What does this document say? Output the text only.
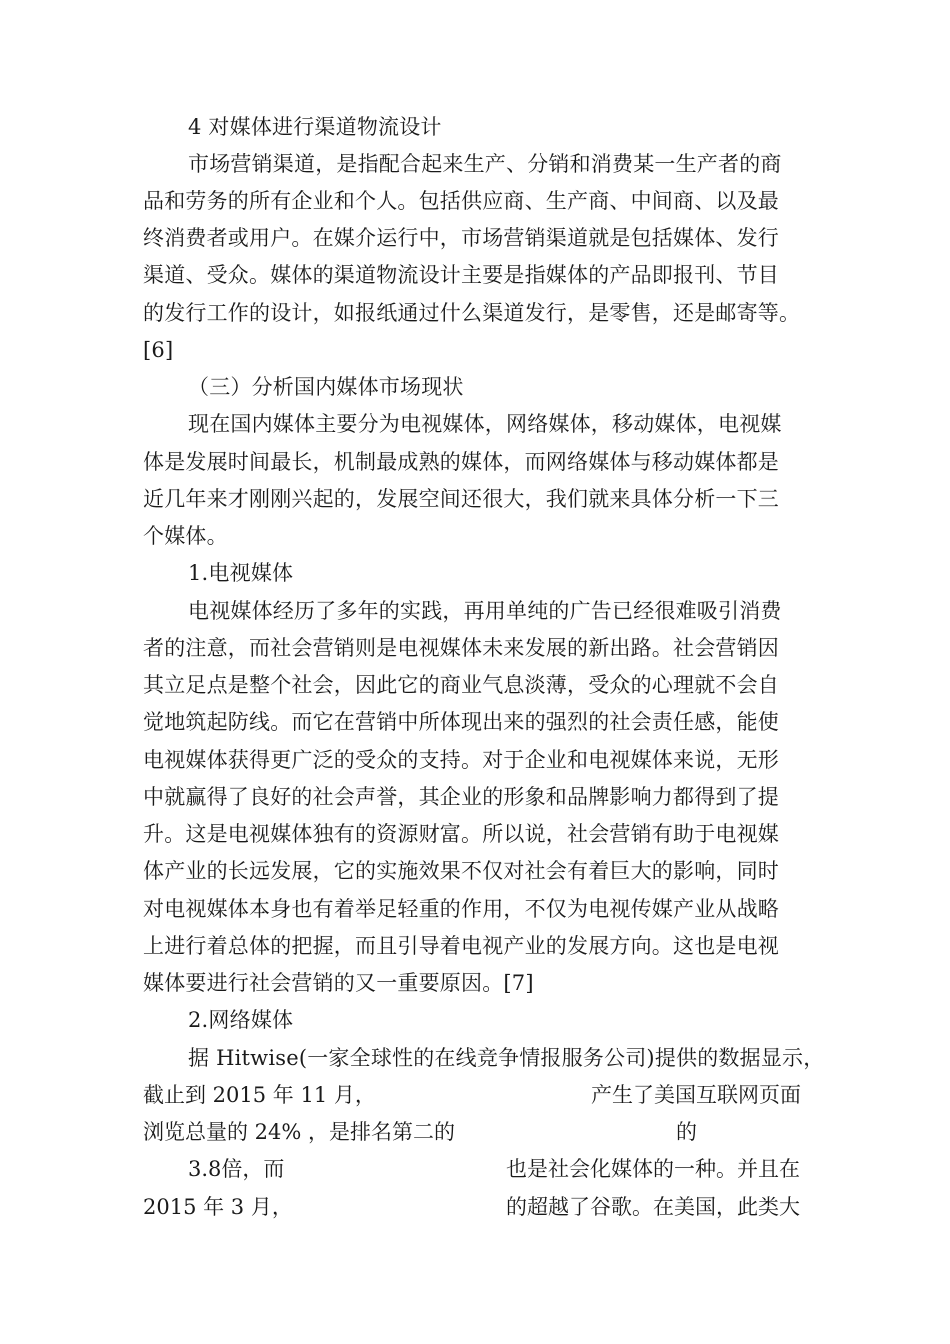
4 对媒体进行渠道物流设计
市场营销渠道，是指配合起来生产、分销和消费某一生产者的商
品和劳务的所有企业和个人。包括供应商、生产商、中间商、以及最
终消费者或用户。在媒介运行中，市场营销渠道就是包括媒体、发行
渠道、受众。媒体的渠道物流设计主要是指媒体的产品即报刊、节目
的发行工作的设计，如报纸通过什么渠道发行，是零售，还是邮寄等。
[6]
（三）分析国内媒体市场现状
现在国内媒体主要分为电视媒体，网络媒体，移动媒体，电视媒
体是发展时间最长，机制最成熟的媒体，而网络媒体与移动媒体都是
近几年来才刚刚兴起的，发展空间还很大，我们就来具体分析一下三
个媒体。
1.电视媒体
电视媒体经历了多年的实践，再用单纯的广告已经很难吸引消费
者的注意，而社会营销则是电视媒体未来发展的新出路。社会营销因
其立足点是整个社会，因此它的商业气息淡薄，受众的心理就不会自
觉地筑起防线。而它在营销中所体现出来的强烈的社会责任感，能使
电视媒体获得更广泛的受众的支持。对于企业和电视媒体来说，无形
中就赢得了良好的社会声誉，其企业的形象和品牌影响力都得到了提
升。这是电视媒体独有的资源财富。所以说，社会营销有助于电视媒
体产业的长远发展，它的实施效果不仅对社会有着巨大的影响，同时
对电视媒体本身也有着举足轻重的作用，不仅为电视传媒产业从战略
上进行着总体的把握，而且引导着电视产业的发展方向。这也是电视
媒体要进行社会营销的又一重要原因。[7]
2.网络媒体
据 Hitwise(一家全球性的在线竞争情报服务公司)提供的数据显示，
截止到 2015 年 11 月，	产生了美国互联网页面
浏览总量的 24% ，是排名第二的	的
3.8倍，而	也是社会化媒体的一种。并且在
2015 年 3 月，	的超越了谷歌。在美国，此类大
